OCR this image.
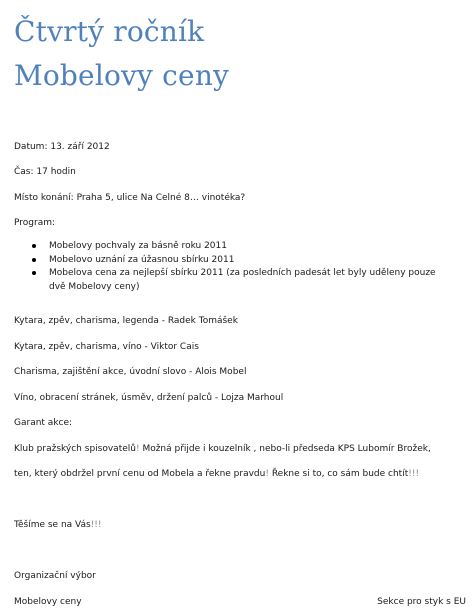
Čtvrtý ročník
Mobelovy ceny
Datum: 13. září 2012
Čas: 17 hodin
Místo konání: Praha 5, ulice Na Celné 8… vinotéka?
Program:
Mobelovy pochvaly za básně roku 2011
Mobelovo uznání za úžasnou sbírku 2011
Mobelova cena za nejlepší sbírku 2011 (za posledních padesát let byly uděleny pouze dvě Mobelovy ceny)
Kytara, zpěv, charisma, legenda - Radek Tomášek
Kytara, zpěv, charisma, víno - Viktor Cais
Charisma, zajištění akce, úvodní slovo - Alois Mobel
Víno, obracení stránek, úsměv, držení palců - Lojza Marhoul
Garant akce:
Klub pražských spisovatelů! Možná přijde i kouzelník , nebo-li předseda KPS Lubomír Brožek,
ten, který obdržel první cenu od Mobela a řekne pravdu! Řekne si to, co sám bude chtít!!!
Těšíme se na Vás!!!
Organizační výbor
Mobelovy ceny	Sekce pro styk s EU
